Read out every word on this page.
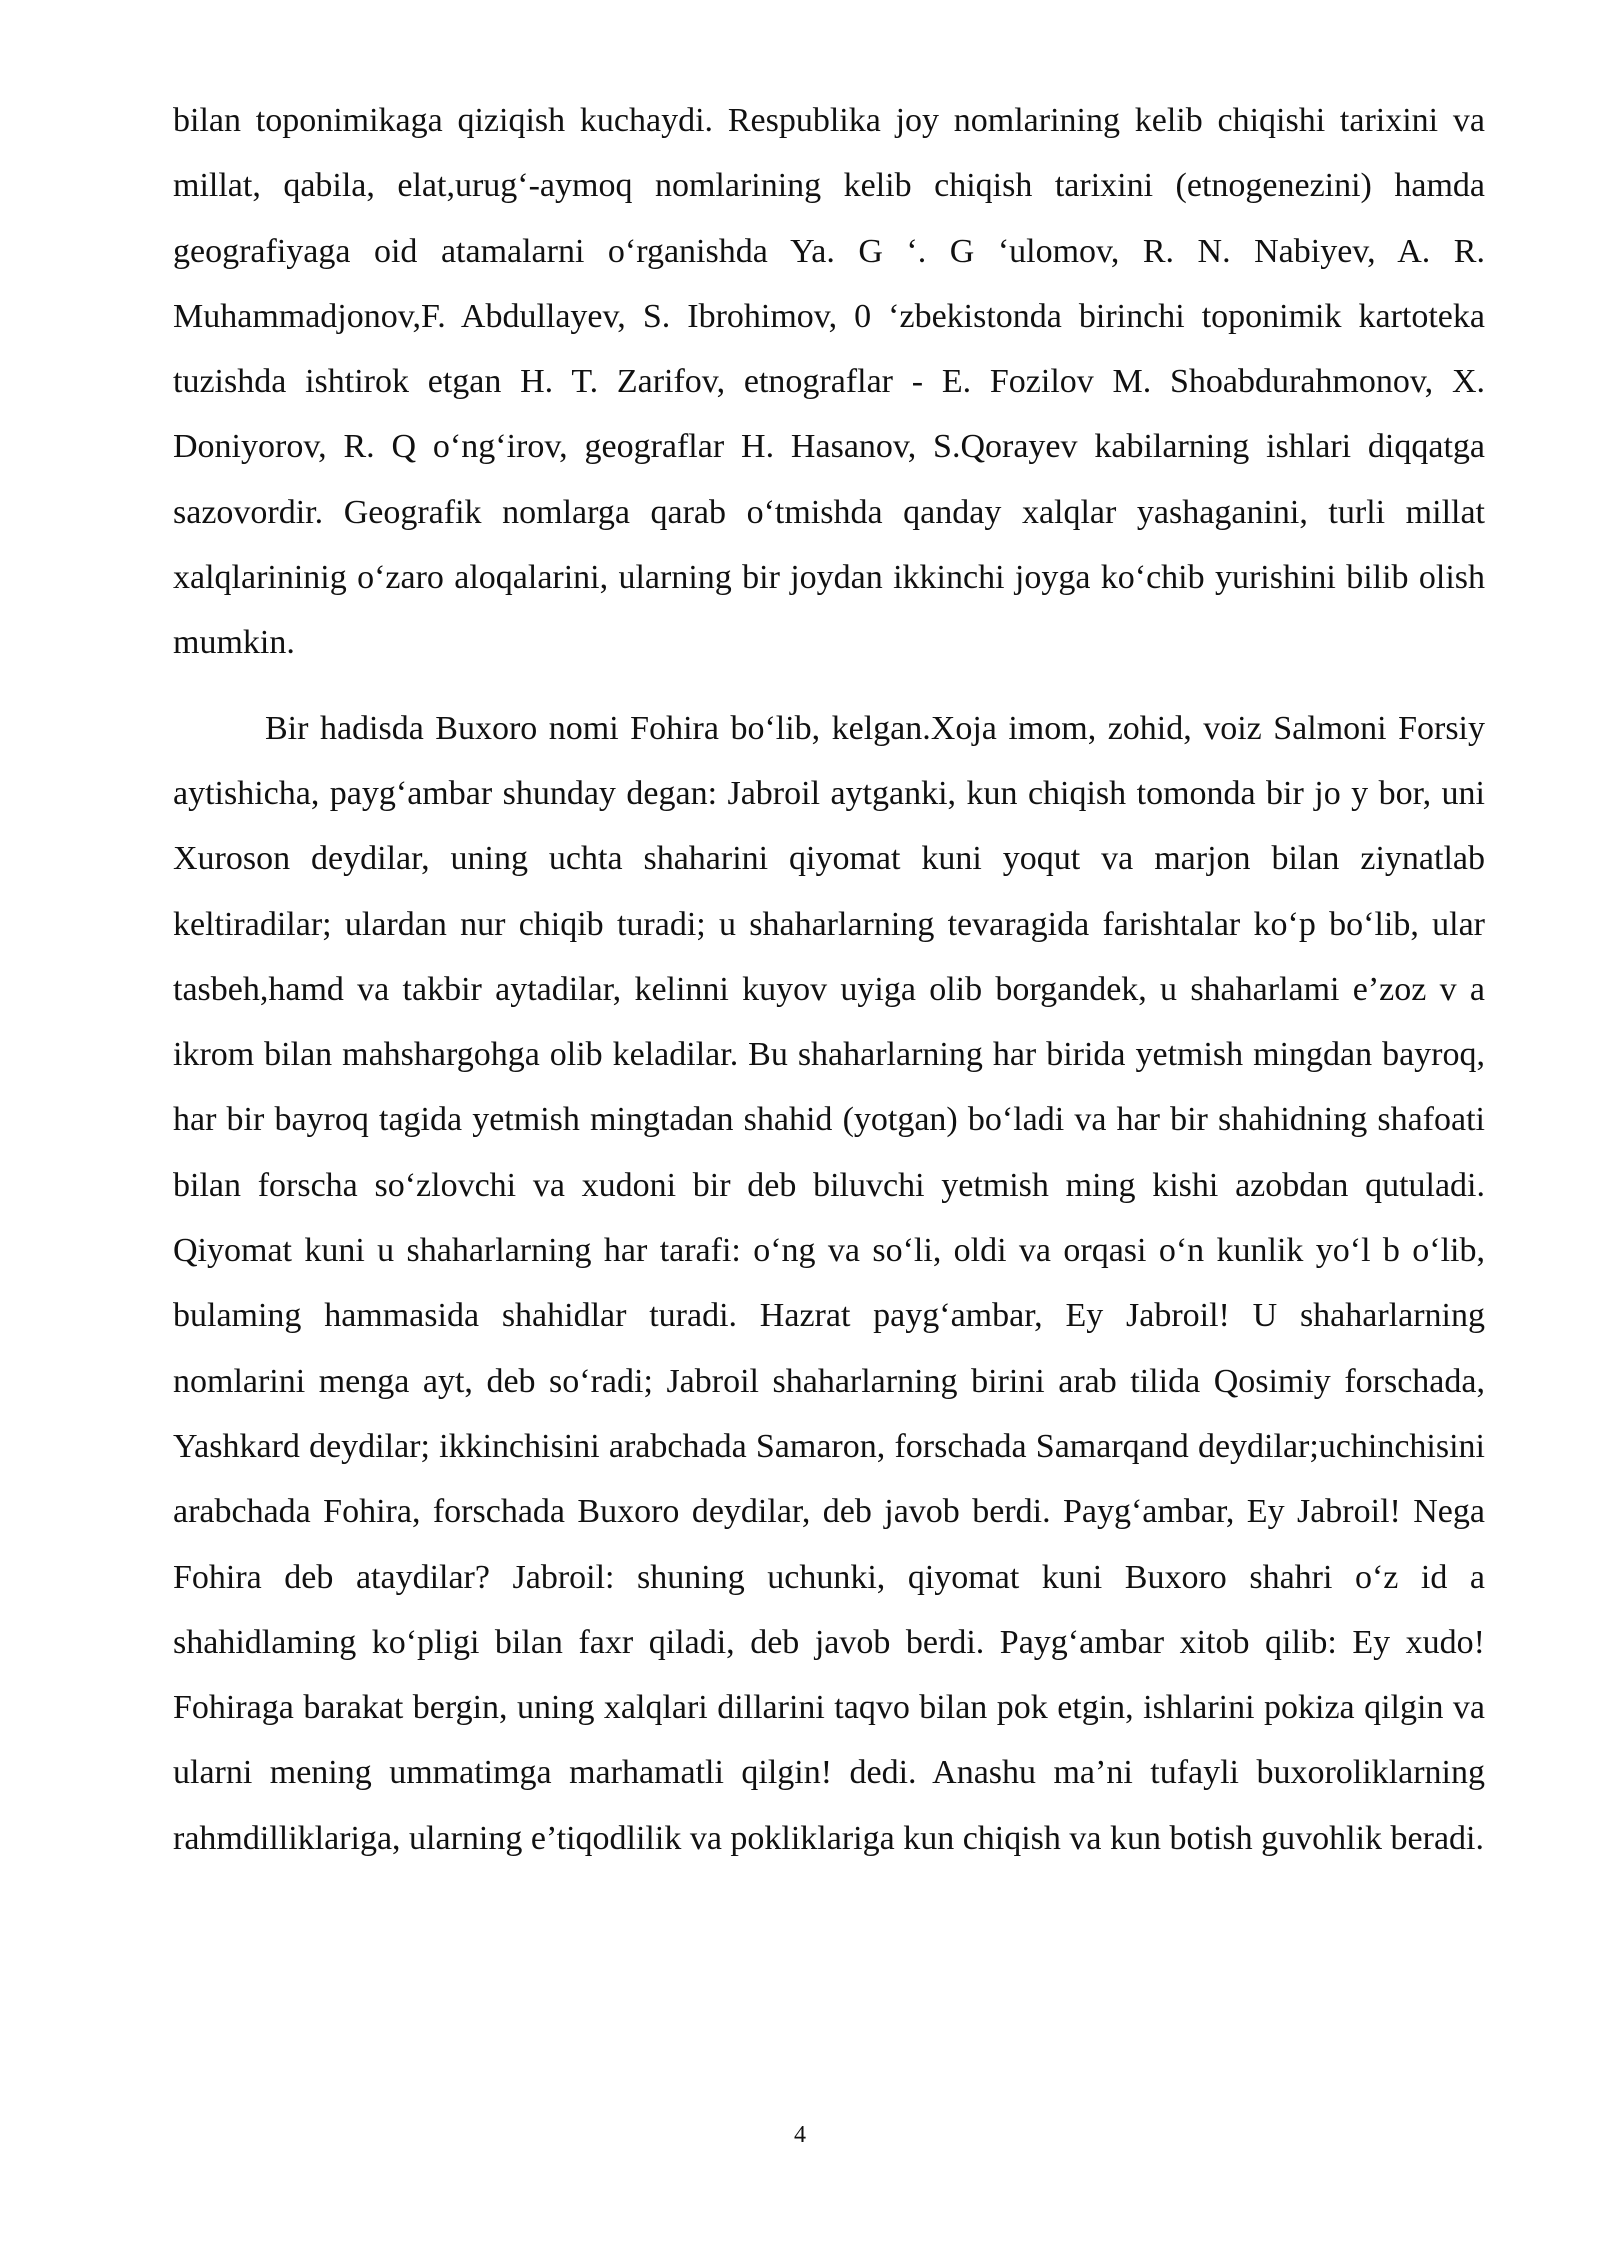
bilan toponimikaga qiziqish kuchaydi. Respublika joy nomlarining kelib chiqishi tarixini va millat, qabila, elat,urug‘-aymoq nomlarining kelib chiqish tarixini (etnogenezini) hamda geografiyaga oid atamalarni o‘rganishda Ya. G ‘. G ‘ulomov, R. N. Nabiyev, A. R. Muhammadjonov,F. Abdullayev, S. Ibrohimov, 0 ‘zbekistonda birinchi toponimik kartoteka tuzishda ishtirok etgan H. T. Zarifov, etnograflar - E. Fozilov M. Shoabdurahmonov, X. Doniyorov, R. Q o‘ng‘irov, geograflar H. Hasanov, S.Qorayev kabilarning ishlari diqqatga sazovordir. Geografik nomlarga qarab o‘tmishda qanday xalqlar yashaganini, turli millat xalqlarininig o‘zaro aloqalarini, ularning bir joydan ikkinchi joyga ko‘chib yurishini bilib olish mumkin.

Bir hadisda Buxoro nomi Fohira bo‘lib, kelgan.Xoja imom, zohid, voiz Salmoni Forsiy aytishicha, payg‘ambar shunday degan: Jabroil aytganki, kun chiqish tomonda bir jo y bor, uni Xuroson deydilar, uning uchta shaharini qiyomat kuni yoqut va marjon bilan ziynatlab keltiradilar; ulardan nur chiqib turadi; u shaharlarning tevaragida farishtalar ko‘p bo‘lib, ular tasbeh,hamd va takbir aytadilar, kelinni kuyov uyiga olib borgandek, u shaharlami e’zoz v a ikrom bilan mahshargohga olib keladilar. Bu shaharlarning har birida yetmish mingdan bayroq, har bir bayroq tagida yetmish mingtadan shahid (yotgan) bo‘ladi va har bir shahidning shafoati bilan forscha so‘zlovchi va xudoni bir deb biluvchi yetmish ming kishi azobdan qutuladi. Qiyomat kuni u shaharlarning har tarafi: o‘ng va so‘li, oldi va orqasi o‘n kunlik yo‘l b o‘lib, bulaming hammasida shahidlar turadi. Hazrat payg‘ambar, Ey Jabroil! U shaharlarning nomlarini menga ayt, deb so‘radi; Jabroil shaharlarning birini arab tilida Qosimiy forschada, Yashkard deydilar; ikkinchisini arabchada Samaron, forschada Samarqand deydilar;uchinchisini arabchada Fohira, forschada Buxoro deydilar, deb javob berdi. Payg‘ambar, Ey Jabroil! Nega Fohira deb ataydilar? Jabroil: shuning uchunki, qiyomat kuni Buxoro shahri o‘z id a shahidlaming ko‘pligi bilan faxr qiladi, deb javob berdi. Payg‘ambar xitob qilib: Ey xudo! Fohiraga barakat bergin, uning xalqlari dillarini taqvo bilan pok etgin, ishlarini pokiza qilgin va ularni mening ummatimga marhamatli qilgin! dedi. Anashu ma’ni tufayli buxoroliklarning rahmdilliklariga, ularning e’tiqodlilik va pokliklariga kun chiqish va kun botish guvohlik beradi.

4
